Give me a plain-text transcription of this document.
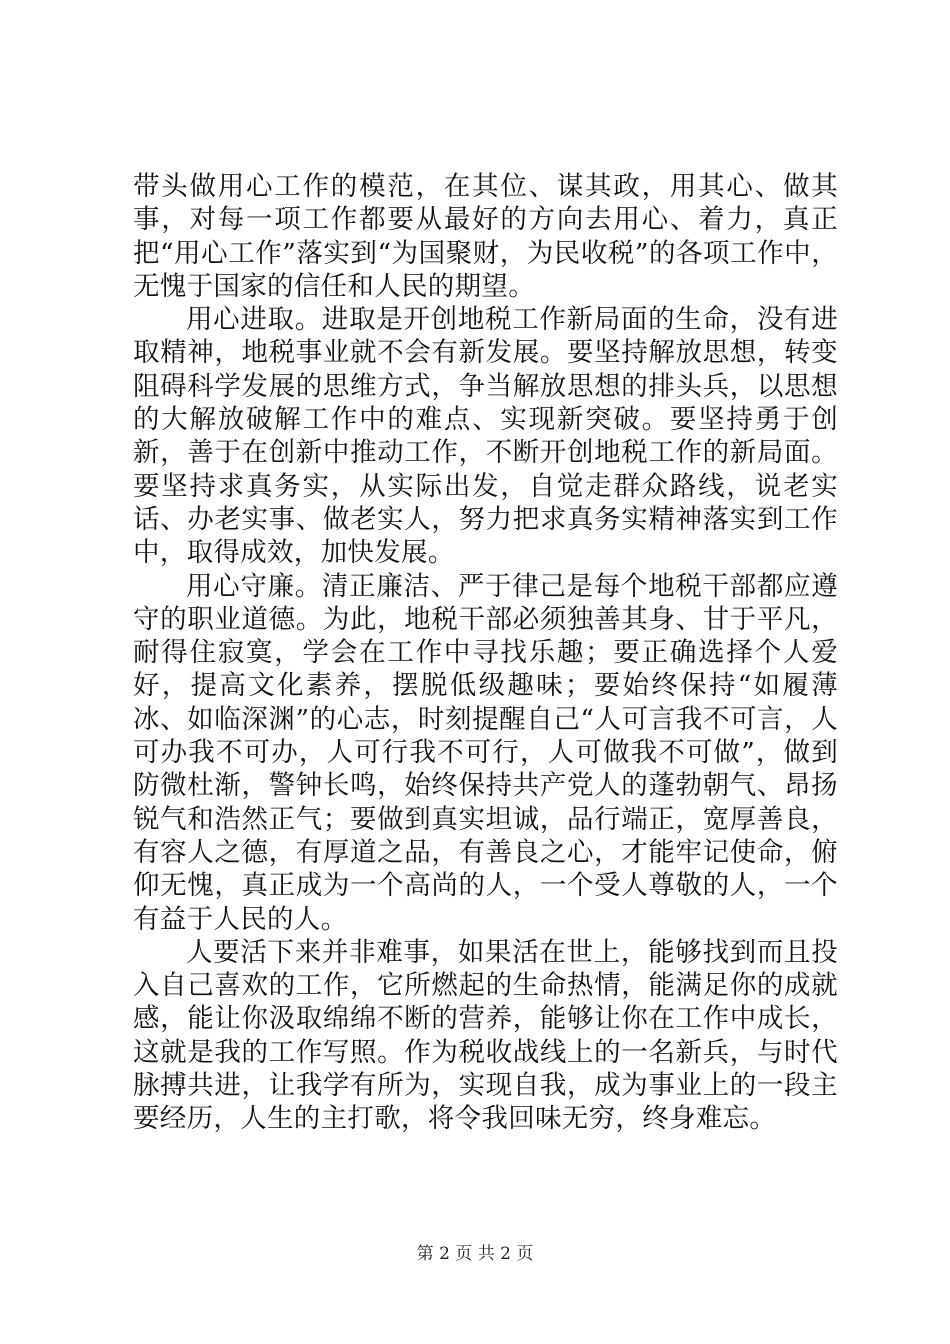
带头做用心工作的模范，在其位、谋其政，用其心、做其事，对每一项工作都要从最好的方向去用心、着力，真正把“用心工作”落实到“为国聚财，为民收税”的各项工作中，无愧于国家的信任和人民的期望。

用心进取。进取是开创地税工作新局面的生命，没有进取精神，地税事业就不会有新发展。要坚持解放思想，转变阻碍科学发展的思维方式，争当解放思想的排头兵，以思想的大解放破解工作中的难点、实现新突破。要坚持勇于创新，善于在创新中推动工作，不断开创地税工作的新局面。要坚持求真务实，从实际出发，自觉走群众路线，说老实话、办老实事、做老实人，努力把求真务实精神落实到工作中，取得成效，加快发展。

用心守廉。清正廉洁、严于律己是每个地税干部都应遵守的职业道德。为此，地税干部必须独善其身、甘于平凡，耐得住寂寞，学会在工作中寻找乐趣；要正确选择个人爱好，提高文化素养，摆脱低级趣味；要始终保持“如履薄冰、如临深渊”的心志，时刻提醒自己“人可言我不可言，人可办我不可办，人可行我不可行，人可做我不可做”，做到防微杜渐，警钟长鸣，始终保持共产党人的蓬勃朝气、昂扬锐气和浩然正气；要做到真实坦诚，品行端正，宽厚善良，有容人之德，有厚道之品，有善良之心，才能牢记使命，俯仰无愧，真正成为一个高尚的人，一个受人尊敬的人，一个有益于人民的人。

人要活下来并非难事，如果活在世上，能够找到而且投入自己喜欢的工作，它所燃起的生命热情，能满足你的成就感，能让你汲取绵绵不断的营养，能够让你在工作中成长，这就是我的工作写照。作为税收战线上的一名新兵，与时代脉搏共进，让我学有所为，实现自我，成为事业上的一段主要经历，人生的主打歌，将令我回味无穷，终身难忘。

第 2 页 共 2 页
